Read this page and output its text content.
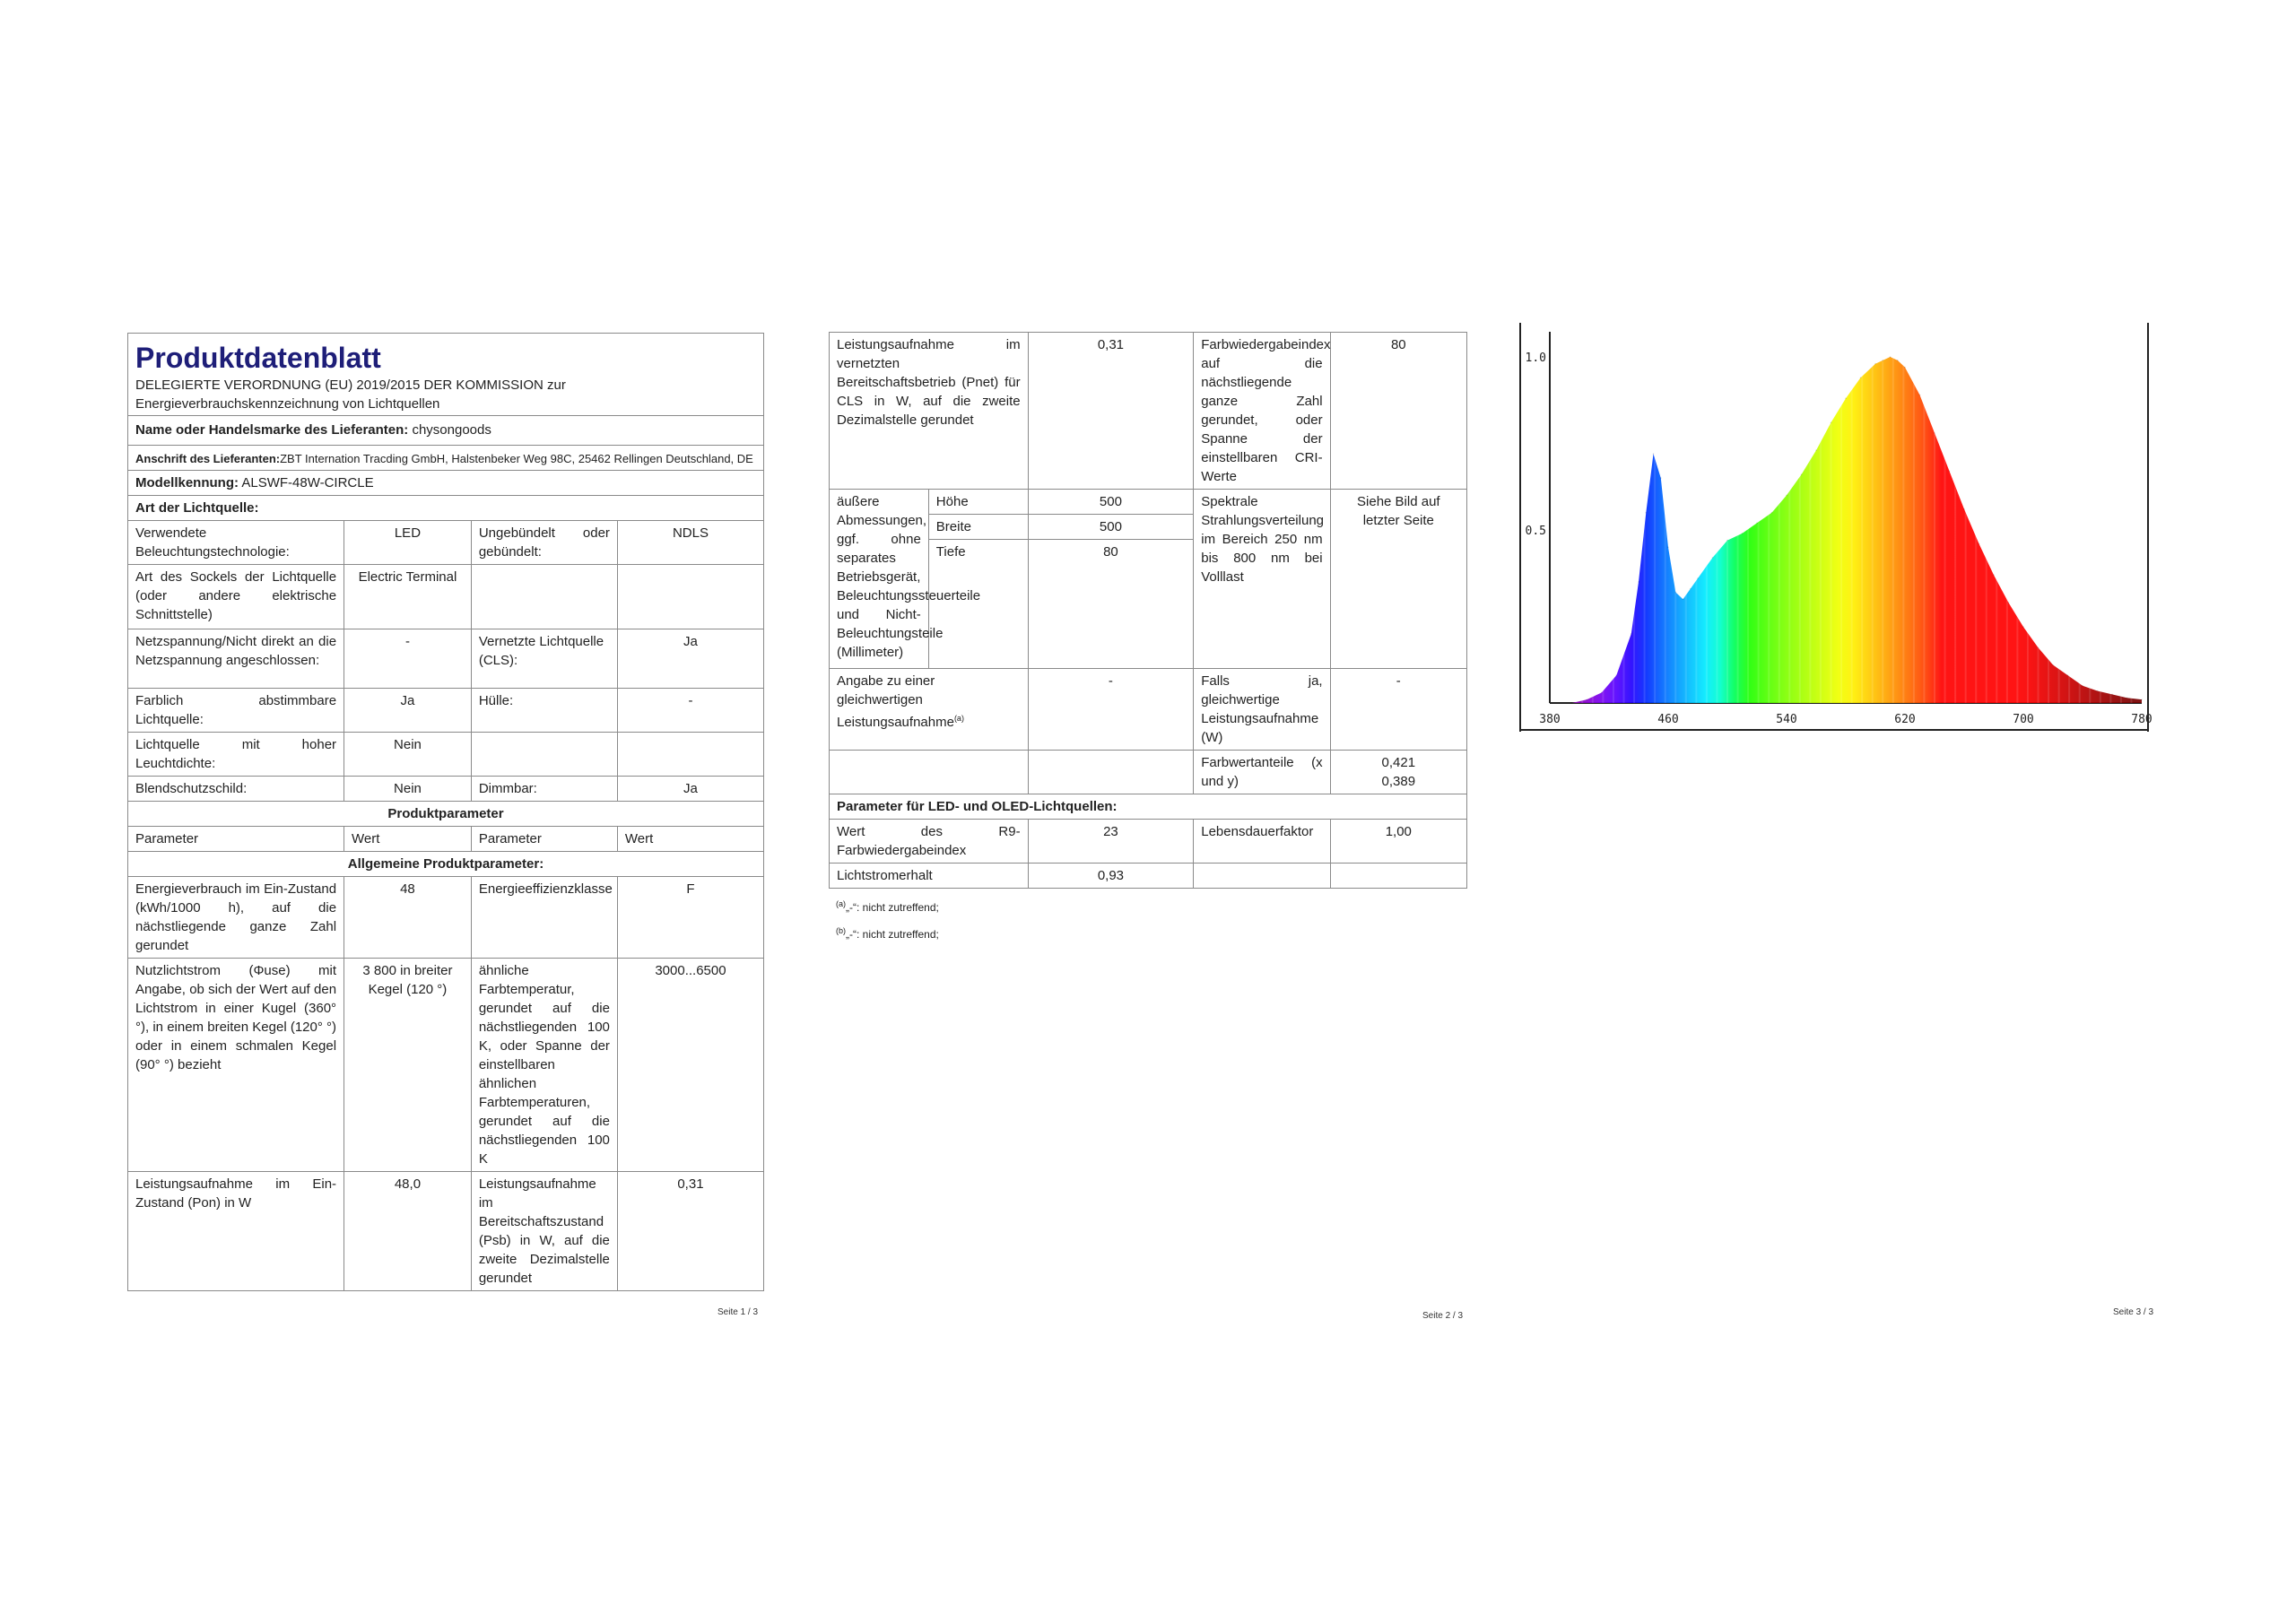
Produktdatenblatt
DELEGIERTE VERORDNUNG (EU) 2019/2015 DER KOMMISSION zur Energieverbrauchskennzeichnung von Lichtquellen			

Name oder Handelsmarke des Lieferanten: chysongoods			
Anschrift des Lieferanten:ZBT Internation Tracding GmbH, Halstenbeker Weg 98C, 25462 Rellingen Deutschland, DE			
Modellkennung: ALSWF-48W-CIRCLE			
Art der Lichtquelle:			
Verwendete Beleuchtungstechnologie:	LED	Ungebündelt oder gebündelt:	NDLS
Art des Sockels der Lichtquelle (oder andere elektrische Schnittstelle)	Electric Terminal		
Netzspannung/Nicht direkt an die Netzspannung angeschlossen:	-	Vernetzte Lichtquelle (CLS):	Ja
Farblich abstimmbare Lichtquelle:	Ja	Hülle:	-
Lichtquelle mit hoher Leuchtdichte:	Nein		
Blendschutzschild:	Nein	Dimmbar:	Ja
Produktparameter			
Parameter	Wert	Parameter	Wert
Allgemeine Produktparameter:			
Energieverbrauch im Ein-Zustand (kWh/1000 h), auf die nächstliegende ganze Zahl gerundet	48	Energieeffizienzklasse	F
Nutzlichtstrom (Φuse) mit Angabe, ob sich der Wert auf den Lichtstrom in einer Kugel (360° °), in einem breiten Kegel (120° °) oder in einem schmalen Kegel (90° °) bezieht	3 800 in breiter Kegel (120 °)	ähnliche Farbtemperatur, gerundet auf die nächstliegenden 100 K, oder Spanne der einstellbaren ähnlichen Farbtemperaturen, gerundet auf die nächstliegenden 100 K	3000...6500
Leistungsaufnahme im Ein-Zustand (Pon) in W	48,0	Leistungsaufnahme im Bereitschaftszustand (Psb) in W, auf die zweite Dezimalstelle gerundet	0,31
Seite 1 / 3
Leistungsaufnahme im vernetzten Bereitschaftsbetrieb (Pnet) für CLS in W, auf die zweite Dezimalstelle gerundet		0,31	Farbwiedergabeindex auf die nächstliegende ganze Zahl gerundet, oder Spanne der einstellbaren CRI-Werte	80
äußere Abmessungen, ggf. ohne separates Betriebsgerät, Beleuchtungssteuerteile und Nicht-Beleuchtungsteile (Millimeter)	Höhe	500	Spektrale Strahlungsverteilung im Bereich 250 nm bis 800 nm bei Volllast	Siehe Bild auf letzter Seite
	Breite	500		
	Tiefe	80		
Angabe zu einer gleichwertigen Leistungsaufnahme$^{(a)}$		-	Falls ja, gleichwertige Leistungsaufnahme (W)	-
			Farbwertanteile (x und y)	0,421
0,389

Parameter für LED- und OLED-Lichtquellen:				
Wert des R9-Farbwiedergabeindex		23	Lebensdauerfaktor	1,00
Lichtstromerhalt		0,93		
$^{(a)}$„-“: nicht zutreffend;
$^{(b)}$„-“: nicht zutreffend;
Seite 2 / 3
380	460	540	620	700	780
1.0
0.5
Seite 3 / 3
